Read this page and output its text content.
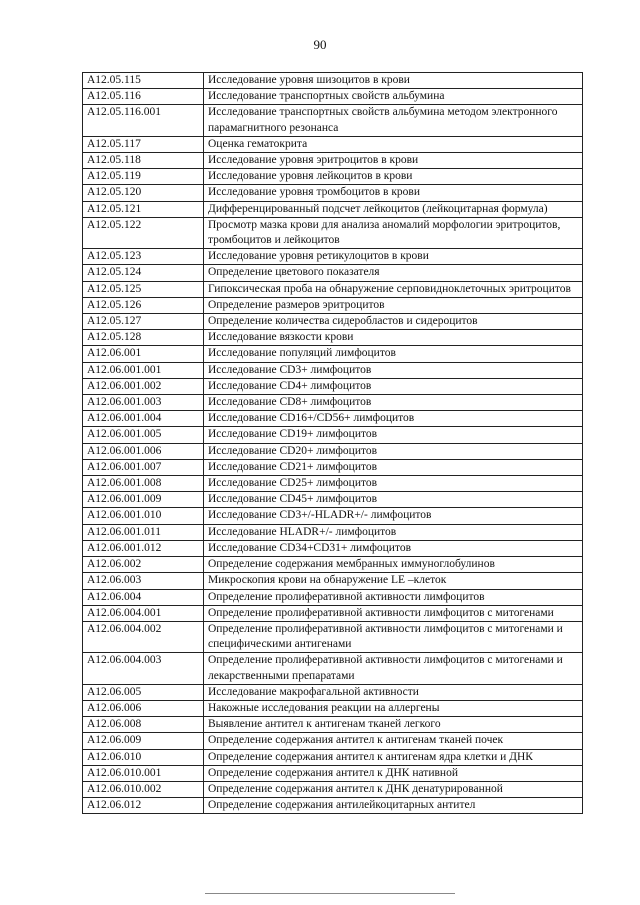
90
A12.05.115	Исследование уровня шизоцитов в крови
A12.05.116	Исследование транспортных свойств альбумина
A12.05.116.001	Исследование транспортных свойств альбумина методом электронного парамагнитного резонанса
A12.05.117	Оценка гематокрита
A12.05.118	Исследование уровня эритроцитов в крови
A12.05.119	Исследование уровня лейкоцитов в крови
A12.05.120	Исследование уровня тромбоцитов в крови
A12.05.121	Дифференцированный подсчет лейкоцитов (лейкоцитарная формула)
A12.05.122	Просмотр мазка крови для анализа аномалий морфологии эритроцитов, тромбоцитов и лейкоцитов
A12.05.123	Исследование уровня ретикулоцитов в крови
A12.05.124	Определение цветового показателя
A12.05.125	Гипоксическая проба на обнаружение серповидноклеточных эритроцитов
A12.05.126	Определение размеров эритроцитов
A12.05.127	Определение количества сидеробластов и сидероцитов
A12.05.128	Исследование вязкости крови
A12.06.001	Исследование популяций лимфоцитов
A12.06.001.001	Исследование CD3+ лимфоцитов
A12.06.001.002	Исследование CD4+ лимфоцитов
A12.06.001.003	Исследование CD8+ лимфоцитов
A12.06.001.004	Исследование CD16+/CD56+ лимфоцитов
A12.06.001.005	Исследование CD19+ лимфоцитов
A12.06.001.006	Исследование CD20+ лимфоцитов
A12.06.001.007	Исследование CD21+ лимфоцитов
A12.06.001.008	Исследование CD25+ лимфоцитов
A12.06.001.009	Исследование CD45+ лимфоцитов
A12.06.001.010	Исследование CD3+/-HLADR+/- лимфоцитов
A12.06.001.011	Исследование HLADR+/- лимфоцитов
A12.06.001.012	Исследование CD34+CD31+ лимфоцитов
A12.06.002	Определение содержания мембранных иммуноглобулинов
A12.06.003	Микроскопия крови на обнаружение LE –клеток
A12.06.004	Определение пролиферативной активности лимфоцитов
A12.06.004.001	Определение пролиферативной активности лимфоцитов с митогенами
A12.06.004.002	Определение пролиферативной активности лимфоцитов с митогенами и специфическими антигенами
A12.06.004.003	Определение пролиферативной активности лимфоцитов с митогенами и лекарственными препаратами
A12.06.005	Исследование макрофагальной активности
A12.06.006	Накожные исследования реакции на аллергены
A12.06.008	Выявление антител к антигенам тканей легкого
A12.06.009	Определение содержания антител к антигенам тканей почек
A12.06.010	Определение содержания антител к антигенам ядра клетки и ДНК
A12.06.010.001	Определение содержания антител к ДНК нативной
A12.06.010.002	Определение содержания антител к ДНК денатурированной
A12.06.012	Определение содержания антилейкоцитарных антител
